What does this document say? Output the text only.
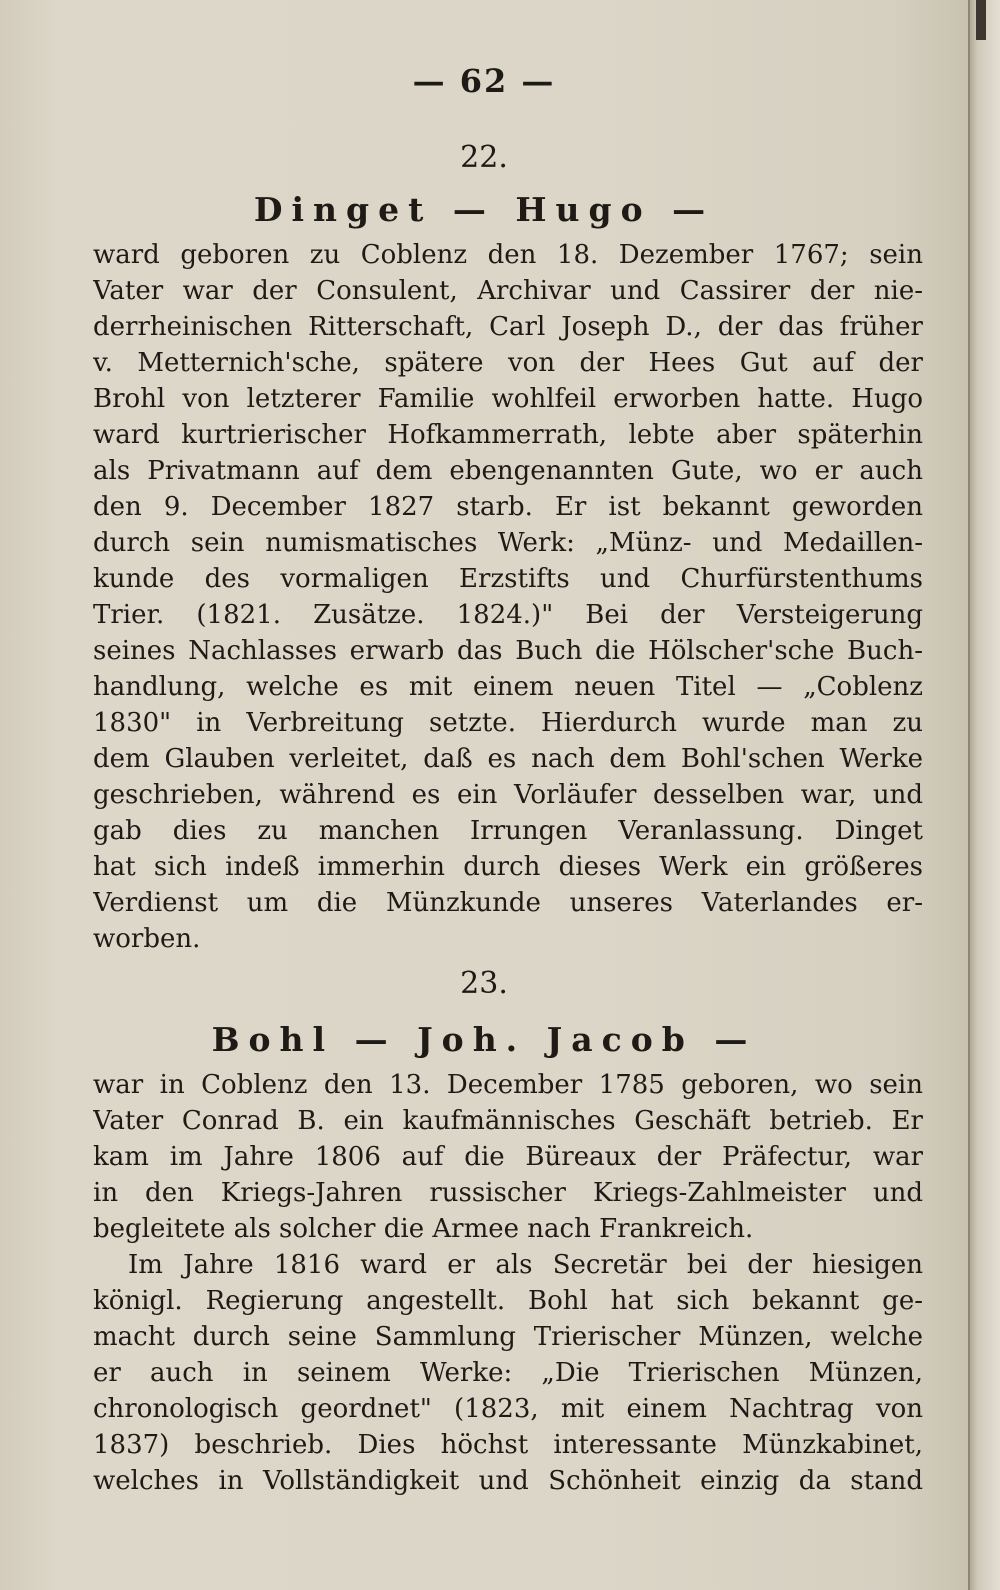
— 62 —
22.
Dinget — Hugo —
ward geboren zu Coblenz den 18. Dezember 1767; sein
Vater war der Consulent, Archivar und Cassirer der nie-
derrheinischen Ritterschaft, Carl Joseph D., der das früher
v. Metternich'sche, spätere von der Hees Gut auf der
Brohl von letzterer Familie wohlfeil erworben hatte. Hugo
ward kurtrierischer Hofkammerrath, lebte aber späterhin
als Privatmann auf dem ebengenannten Gute, wo er auch
den 9. December 1827 starb. Er ist bekannt geworden
durch sein numismatisches Werk: „Münz- und Medaillen-
kunde des vormaligen Erzstifts und Churfürstenthums
Trier. (1821. Zusätze. 1824.)" Bei der Versteigerung
seines Nachlasses erwarb das Buch die Hölscher'sche Buch-
handlung, welche es mit einem neuen Titel — „Coblenz
1830" in Verbreitung setzte. Hierdurch wurde man zu
dem Glauben verleitet, daß es nach dem Bohl'schen Werke
geschrieben, während es ein Vorläufer desselben war, und
gab dies zu manchen Irrungen Veranlassung. Dinget
hat sich indeß immerhin durch dieses Werk ein größeres
Verdienst um die Münzkunde unseres Vaterlandes er-
worben.
23.
Bohl — Joh. Jacob —
war in Coblenz den 13. December 1785 geboren, wo sein
Vater Conrad B. ein kaufmännisches Geschäft betrieb. Er
kam im Jahre 1806 auf die Büreaux der Präfectur, war
in den Kriegs-Jahren russischer Kriegs-Zahlmeister und
begleitete als solcher die Armee nach Frankreich.
Im Jahre 1816 ward er als Secretär bei der hiesigen
königl. Regierung angestellt. Bohl hat sich bekannt ge-
macht durch seine Sammlung Trierischer Münzen, welche
er auch in seinem Werke: „Die Trierischen Münzen,
chronologisch geordnet" (1823, mit einem Nachtrag von
1837) beschrieb. Dies höchst interessante Münzkabinet,
welches in Vollständigkeit und Schönheit einzig da stand
